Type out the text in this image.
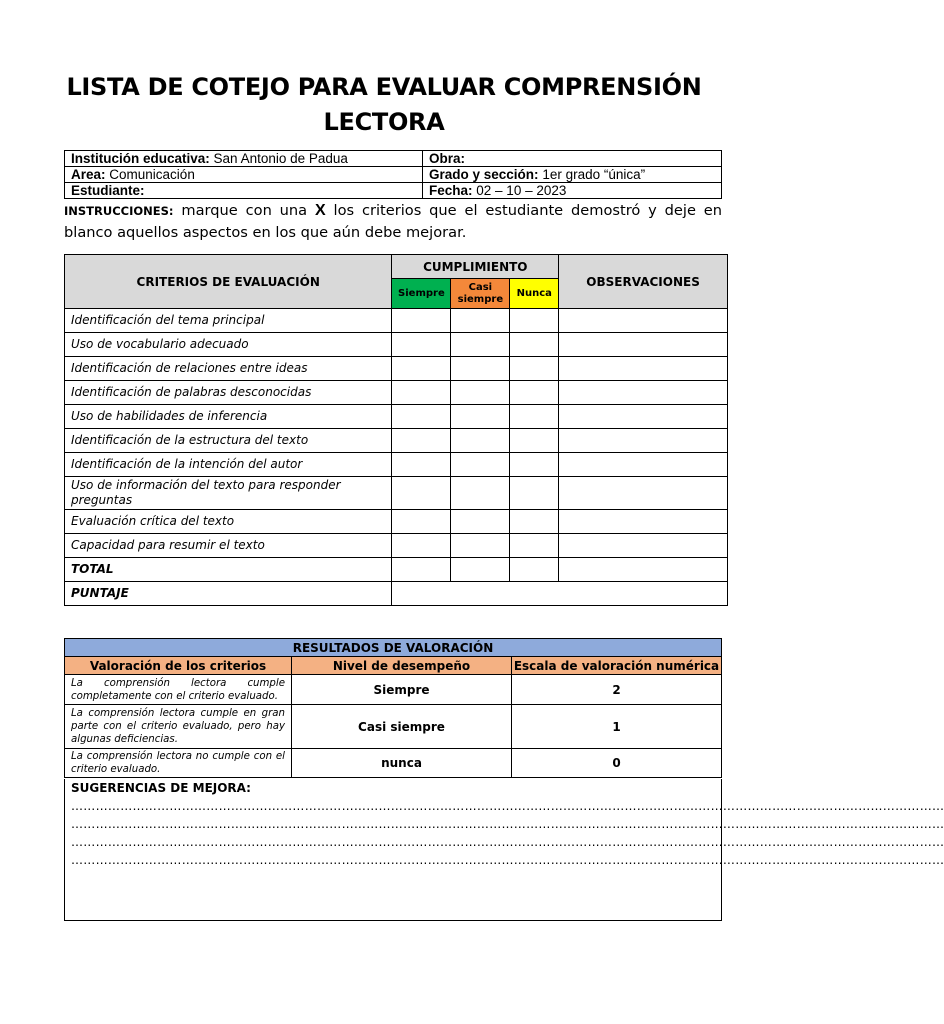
LISTA DE COTEJO PARA EVALUAR COMPRENSIÓN
LECTORA
Institución educativa: San Antonio de Padua	Obra:
Area: Comunicación	Grado y sección: 1er grado “única”
Estudiante:	Fecha: 02 – 10 – 2023
INSTRUCCIONES: marque con una X los criterios que el estudiante demostró y deje en blanco aquellos aspectos en los que aún debe mejorar.
CRITERIOS DE EVALUACIÓN	CUMPLIMIENTO			OBSERVACIONES
	Siempre	Casi siempre	Nunca	
Identificación del tema principal				
Uso de vocabulario adecuado				
Identificación de relaciones entre ideas				
Identificación de palabras desconocidas				
Uso de habilidades de inferencia				
Identificación de la estructura del texto				
Identificación de la intención del autor				
Uso de información del texto para responder preguntas				
Evaluación crítica del texto				
Capacidad para resumir el texto				
TOTAL				
PUNTAJE				
RESULTADOS DE VALORACIÓN		
Valoración de los criterios	Nivel de desempeño	Escala de valoración numérica
La comprensión lectora cumple completamente con el criterio evaluado.	Siempre	2
La comprensión lectora cumple en gran parte con el criterio evaluado, pero hay algunas deficiencias.	Casi siempre	1
La comprensión lectora no cumple con el criterio evaluado.	nunca	0
SUGERENCIAS DE MEJORA:
……………………………………………………………………………………………………………………………………………………………………………………………
……………………………………………………………………………………………………………………………………………………………………………………………
……………………………………………………………………………………………………………………………………………………………………………………………
……………………………………………………………………………………………………………………………………………………………………………………………
